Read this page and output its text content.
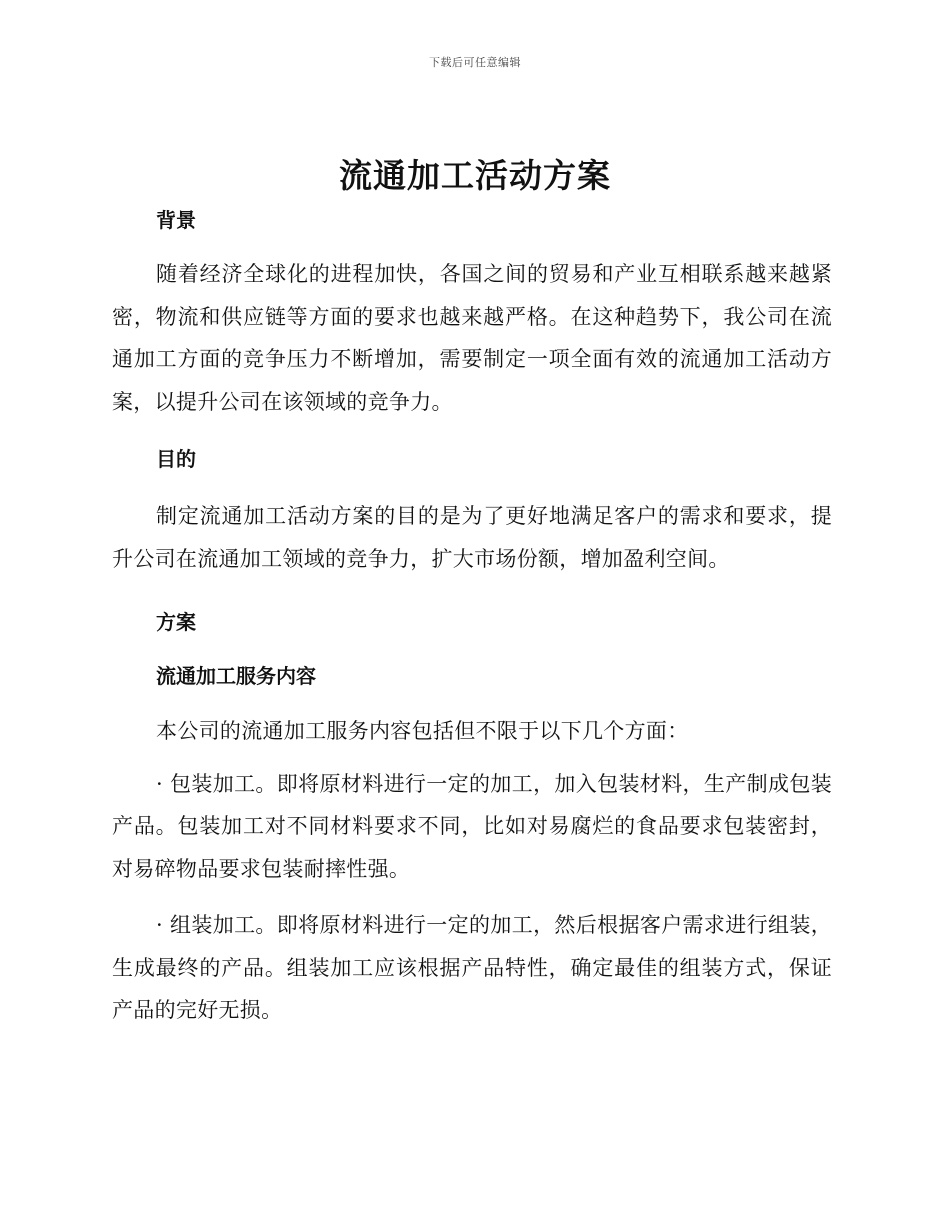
下载后可任意编辑
流通加工活动方案

背景

随着经济全球化的进程加快，各国之间的贸易和产业互相联系越来越紧密，物流和供应链等方面的要求也越来越严格。在这种趋势下，我公司在流通加工方面的竞争压力不断增加，需要制定一项全面有效的流通加工活动方案，以提升公司在该领域的竞争力。

目的

制定流通加工活动方案的目的是为了更好地满足客户的需求和要求，提升公司在流通加工领域的竞争力，扩大市场份额，增加盈利空间。

方案

流通加工服务内容

本公司的流通加工服务内容包括但不限于以下几个方面：

· 包装加工。即将原材料进行一定的加工，加入包装材料，生产制成包装产品。包装加工对不同材料要求不同，比如对易腐烂的食品要求包装密封，对易碎物品要求包装耐摔性强。

· 组装加工。即将原材料进行一定的加工，然后根据客户需求进行组装，生成最终的产品。组装加工应该根据产品特性，确定最佳的组装方式，保证产品的完好无损。
